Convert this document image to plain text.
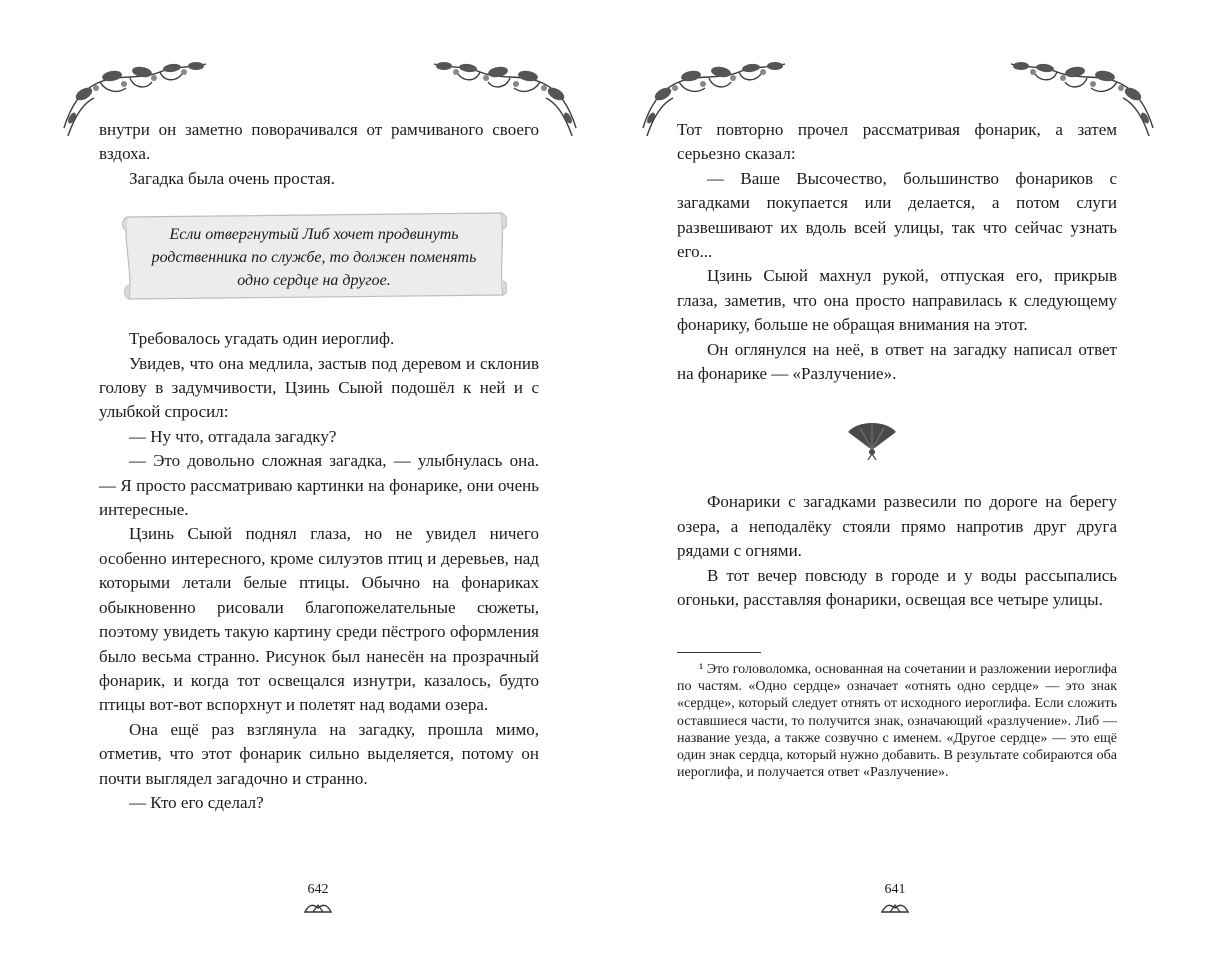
внутри он заметно поворачивался от рамчиваного своего вздоха.

Загадка была очень простая.

Если отвергнутый Либ хочет продвинуть родственника по службе, то должен поменять одно сердце на другое.

Требовалось угадать один иероглиф.

Увидев, что она медлила, застыв под деревом и склонив голову в задумчивости, Цзинь Сыюй подошёл к ней и с улыбкой спросил:

— Ну что, отгадала загадку?

— Это довольно сложная загадка, — улыбнулась она. — Я просто рассматриваю картинки на фонарике, они очень интересные.

Цзинь Сыюй поднял глаза, но не увидел ничего особенно интересного, кроме силуэтов птиц и деревьев, над которыми летали белые птицы. Обычно на фонариках обыкновенно рисовали благопожелательные сюжеты, поэтому увидеть такую картину среди пёстрого оформления было весьма странно. Рисунок был нанесён на прозрачный фонарик, и когда тот освещался изнутри, казалось, будто птицы вот-вот вспорхнут и полетят над водами озера.

Она ещё раз взглянула на загадку, прошла мимо, отметив, что этот фонарик сильно выделяется, потому он почти выглядел загадочно и странно.

— Кто его сделал?

642

Тот повторно прочел рассматривая фонарик, а затем серьезно сказал:

— Ваше Высочество, большинство фонариков с загадками покупается или делается, а потом слуги развешивают их вдоль всей улицы, так что сейчас узнать его...

Цзинь Сыюй махнул рукой, отпуская его, прикрыв глаза, заметив, что она просто направилась к следующему фонарику, больше не обращая внимания на этот.

Он оглянулся на неё, в ответ на загадку написал ответ на фонарике — «Разлучение».

Фонарики с загадками развесили по дороге на берегу озера, а неподалёку стояли прямо напротив друг друга рядами с огнями.

В тот вечер повсюду в городе и у воды рассыпались огоньки, расставляя фонарики, освещая все четыре улицы.

¹ Это головоломка, основанная на сочетании и разложении иероглифа по частям. «Одно сердце» означает «отнять одно сердце» — это знак «сердце», который следует отнять от исходного иероглифа. Если сложить оставшиеся части, то получится знак, означающий «разлучение». Либ — название уезда, а также созвучно с именем. «Другое сердце» — это ещё один знак сердца, который нужно добавить. В результате собираются оба иероглифа, и получается ответ «Разлучение».

641
